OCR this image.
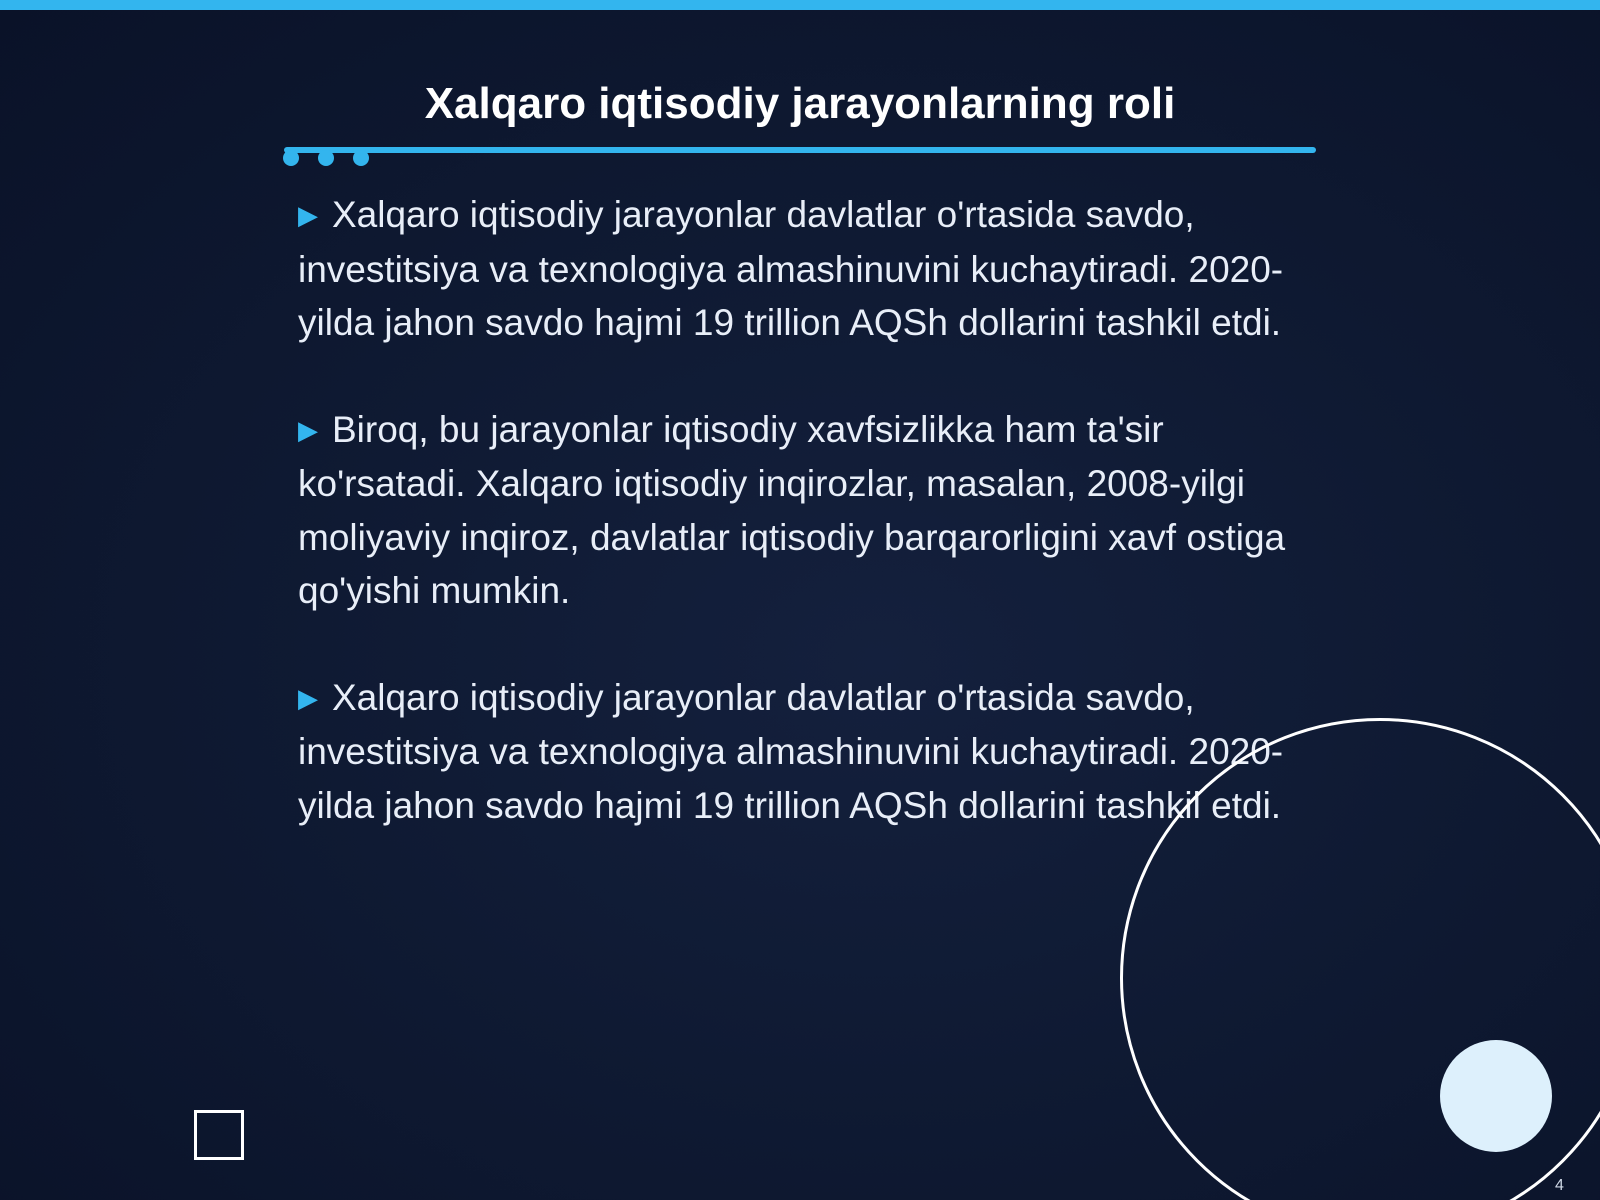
Xalqaro iqtisodiy jarayonlarning roli

▶ Xalqaro iqtisodiy jarayonlar davlatlar o'rtasida savdo, investitsiya va texnologiya almashinuvini kuchaytiradi. 2020-yilda jahon savdo hajmi 19 trillion AQSh dollarini tashkil etdi.

▶ Biroq, bu jarayonlar iqtisodiy xavfsizlikka ham ta'sir ko'rsatadi. Xalqaro iqtisodiy inqirozlar, masalan, 2008-yilgi moliyaviy inqiroz, davlatlar iqtisodiy barqarorligini xavf ostiga qo'yishi mumkin.

▶ Xalqaro iqtisodiy jarayonlar davlatlar o'rtasida savdo, investitsiya va texnologiya almashinuvini kuchaytiradi. 2020-yilda jahon savdo hajmi 19 trillion AQSh dollarini tashkil etdi.

4
